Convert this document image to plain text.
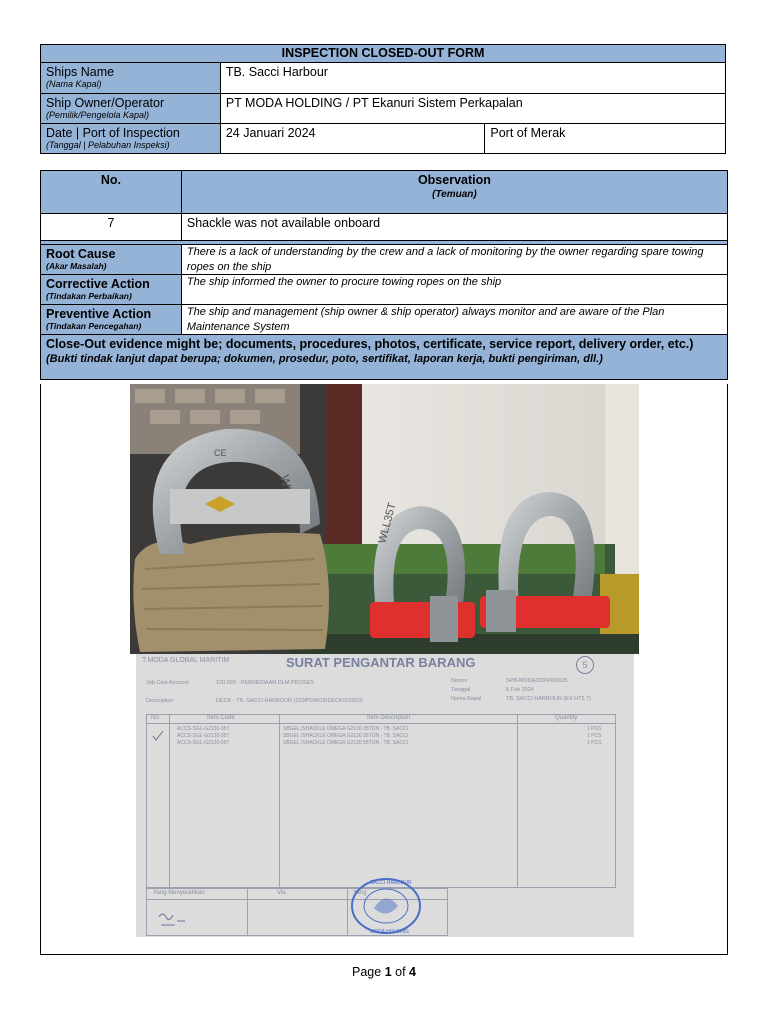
INSPECTION CLOSED-OUT FORM		

Ships Name
(Nama Kapal)	TB. Sacci Harbour	

Ship Owner/Operator
(Pemilik/Pengelola Kapal)	PT MODA HOLDING / PT Ekanuri Sistem Perkapalan	

Date | Port of Inspection
(Tanggal | Pelabuhan Inspeksi)	24 Januari 2024	Port of Merak
No.	Observation
(Temuan)

7	Shackle was not available onboard

Root Cause
(Akar Masalah)	There is a lack of understanding by the crew and a lack of monitoring by the owner regarding spare towing ropes on the ship

Corrective Action
(Tindakan Perbaikan)	The ship informed the owner to procure towing ropes on the ship

Preventive Action
(Tindakan Pencegahan)	The ship and management (ship owner & ship operator) always monitor and are aware of the Plan Maintenance System

Close-Out evidence might be; documents, procedures, photos, certificate, service report, delivery order, etc.)
(Bukti tindak lanjut dapat berupa; dokumen, prosedur, poto, sertifikat, laporan kerja, bukti pengiriman, dll.)	
CE
WLL35T
T.MODA GLOBAL MARITIM	SURAT PENGANTAR BARANG	5
Job Cost Account	120.020 - PERSEDIAAN DLM PROSES
Description	DECK - TB. SACCI HARBOUR (120/PD4018/DECK/II/2023)
Nomor	SPB-MODA/2024/II/0025
Tanggal	6 Feb 2024
Nama Kapal	TB. SACCI HARBOUR (EX HT5 7)
No.	Item Code	Item Description	Quantity
ACCS-SGL-G2130-35T	SBGEL /SHACKLE OMEGA G2130 35TON - TB. SACCI	1 PCS
ACCS-SGL-G2130-35T	SBGEL /SHACKLE OMEGA G2130 35TON - TB. SACCI	1 PCS
ACCS-SGL-G2130-55T	SBGEL /SHACKLE OMEGA G2130 55TON - TB. SACCI	1 PCS
Yang Menyerahkan	Via	Yang
SACCI HARBOUR
MODA HOLDING
Page 1 of 4
